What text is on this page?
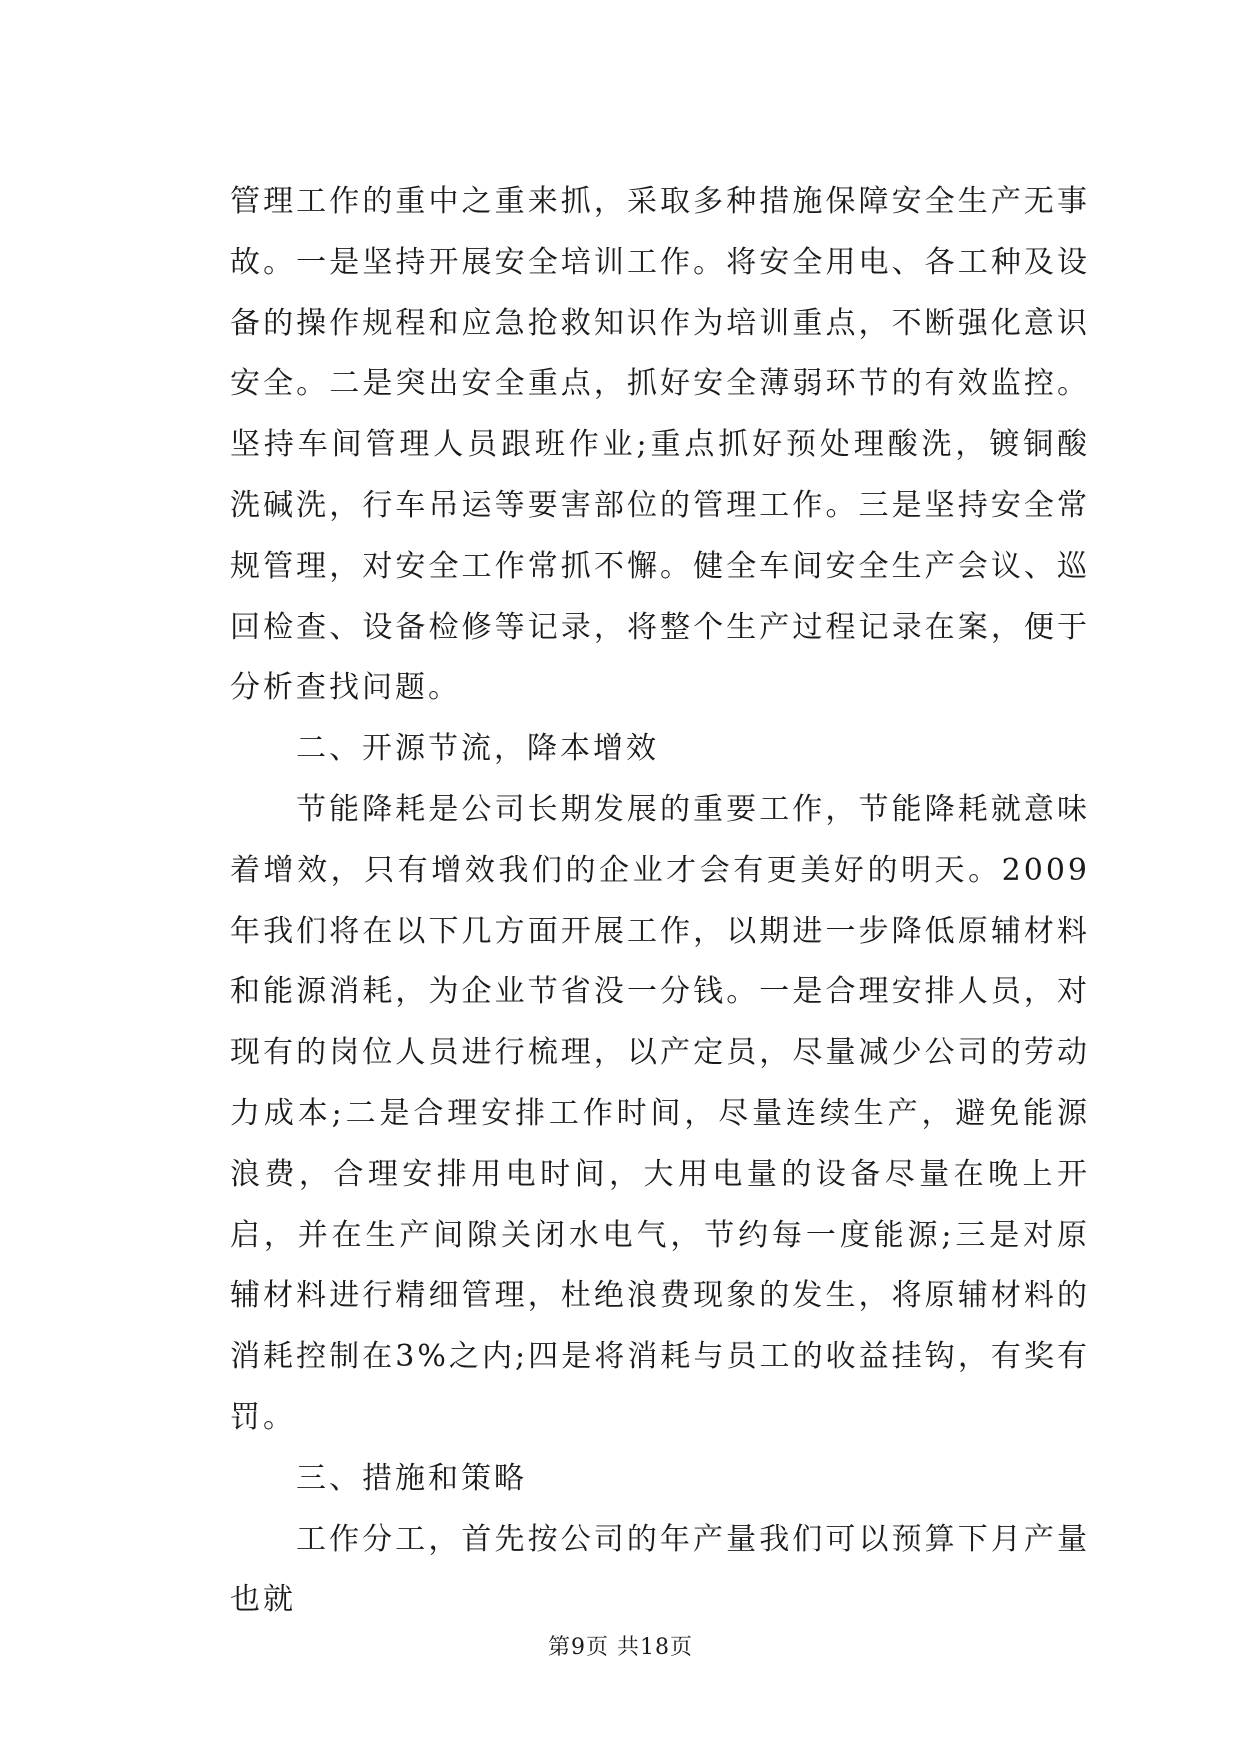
管理工作的重中之重来抓，采取多种措施保障安全生产无事故。一是坚持开展安全培训工作。将安全用电、各工种及设备的操作规程和应急抢救知识作为培训重点，不断强化意识安全。二是突出安全重点，抓好安全薄弱环节的有效监控。坚持车间管理人员跟班作业;重点抓好预处理酸洗，镀铜酸洗碱洗，行车吊运等要害部位的管理工作。三是坚持安全常规管理，对安全工作常抓不懈。健全车间安全生产会议、巡回检查、设备检修等记录，将整个生产过程记录在案，便于分析查找问题。

二、开源节流，降本增效

节能降耗是公司长期发展的重要工作，节能降耗就意味着增效，只有增效我们的企业才会有更美好的明天。2009年我们将在以下几方面开展工作，以期进一步降低原辅材料和能源消耗，为企业节省没一分钱。一是合理安排人员，对现有的岗位人员进行梳理，以产定员，尽量减少公司的劳动力成本;二是合理安排工作时间，尽量连续生产，避免能源浪费，合理安排用电时间，大用电量的设备尽量在晚上开启，并在生产间隙关闭水电气，节约每一度能源;三是对原辅材料进行精细管理，杜绝浪费现象的发生，将原辅材料的消耗控制在3%之内;四是将消耗与员工的收益挂钩，有奖有罚。

三、措施和策略

工作分工，首先按公司的年产量我们可以预算下月产量也就

第9页 共18页
